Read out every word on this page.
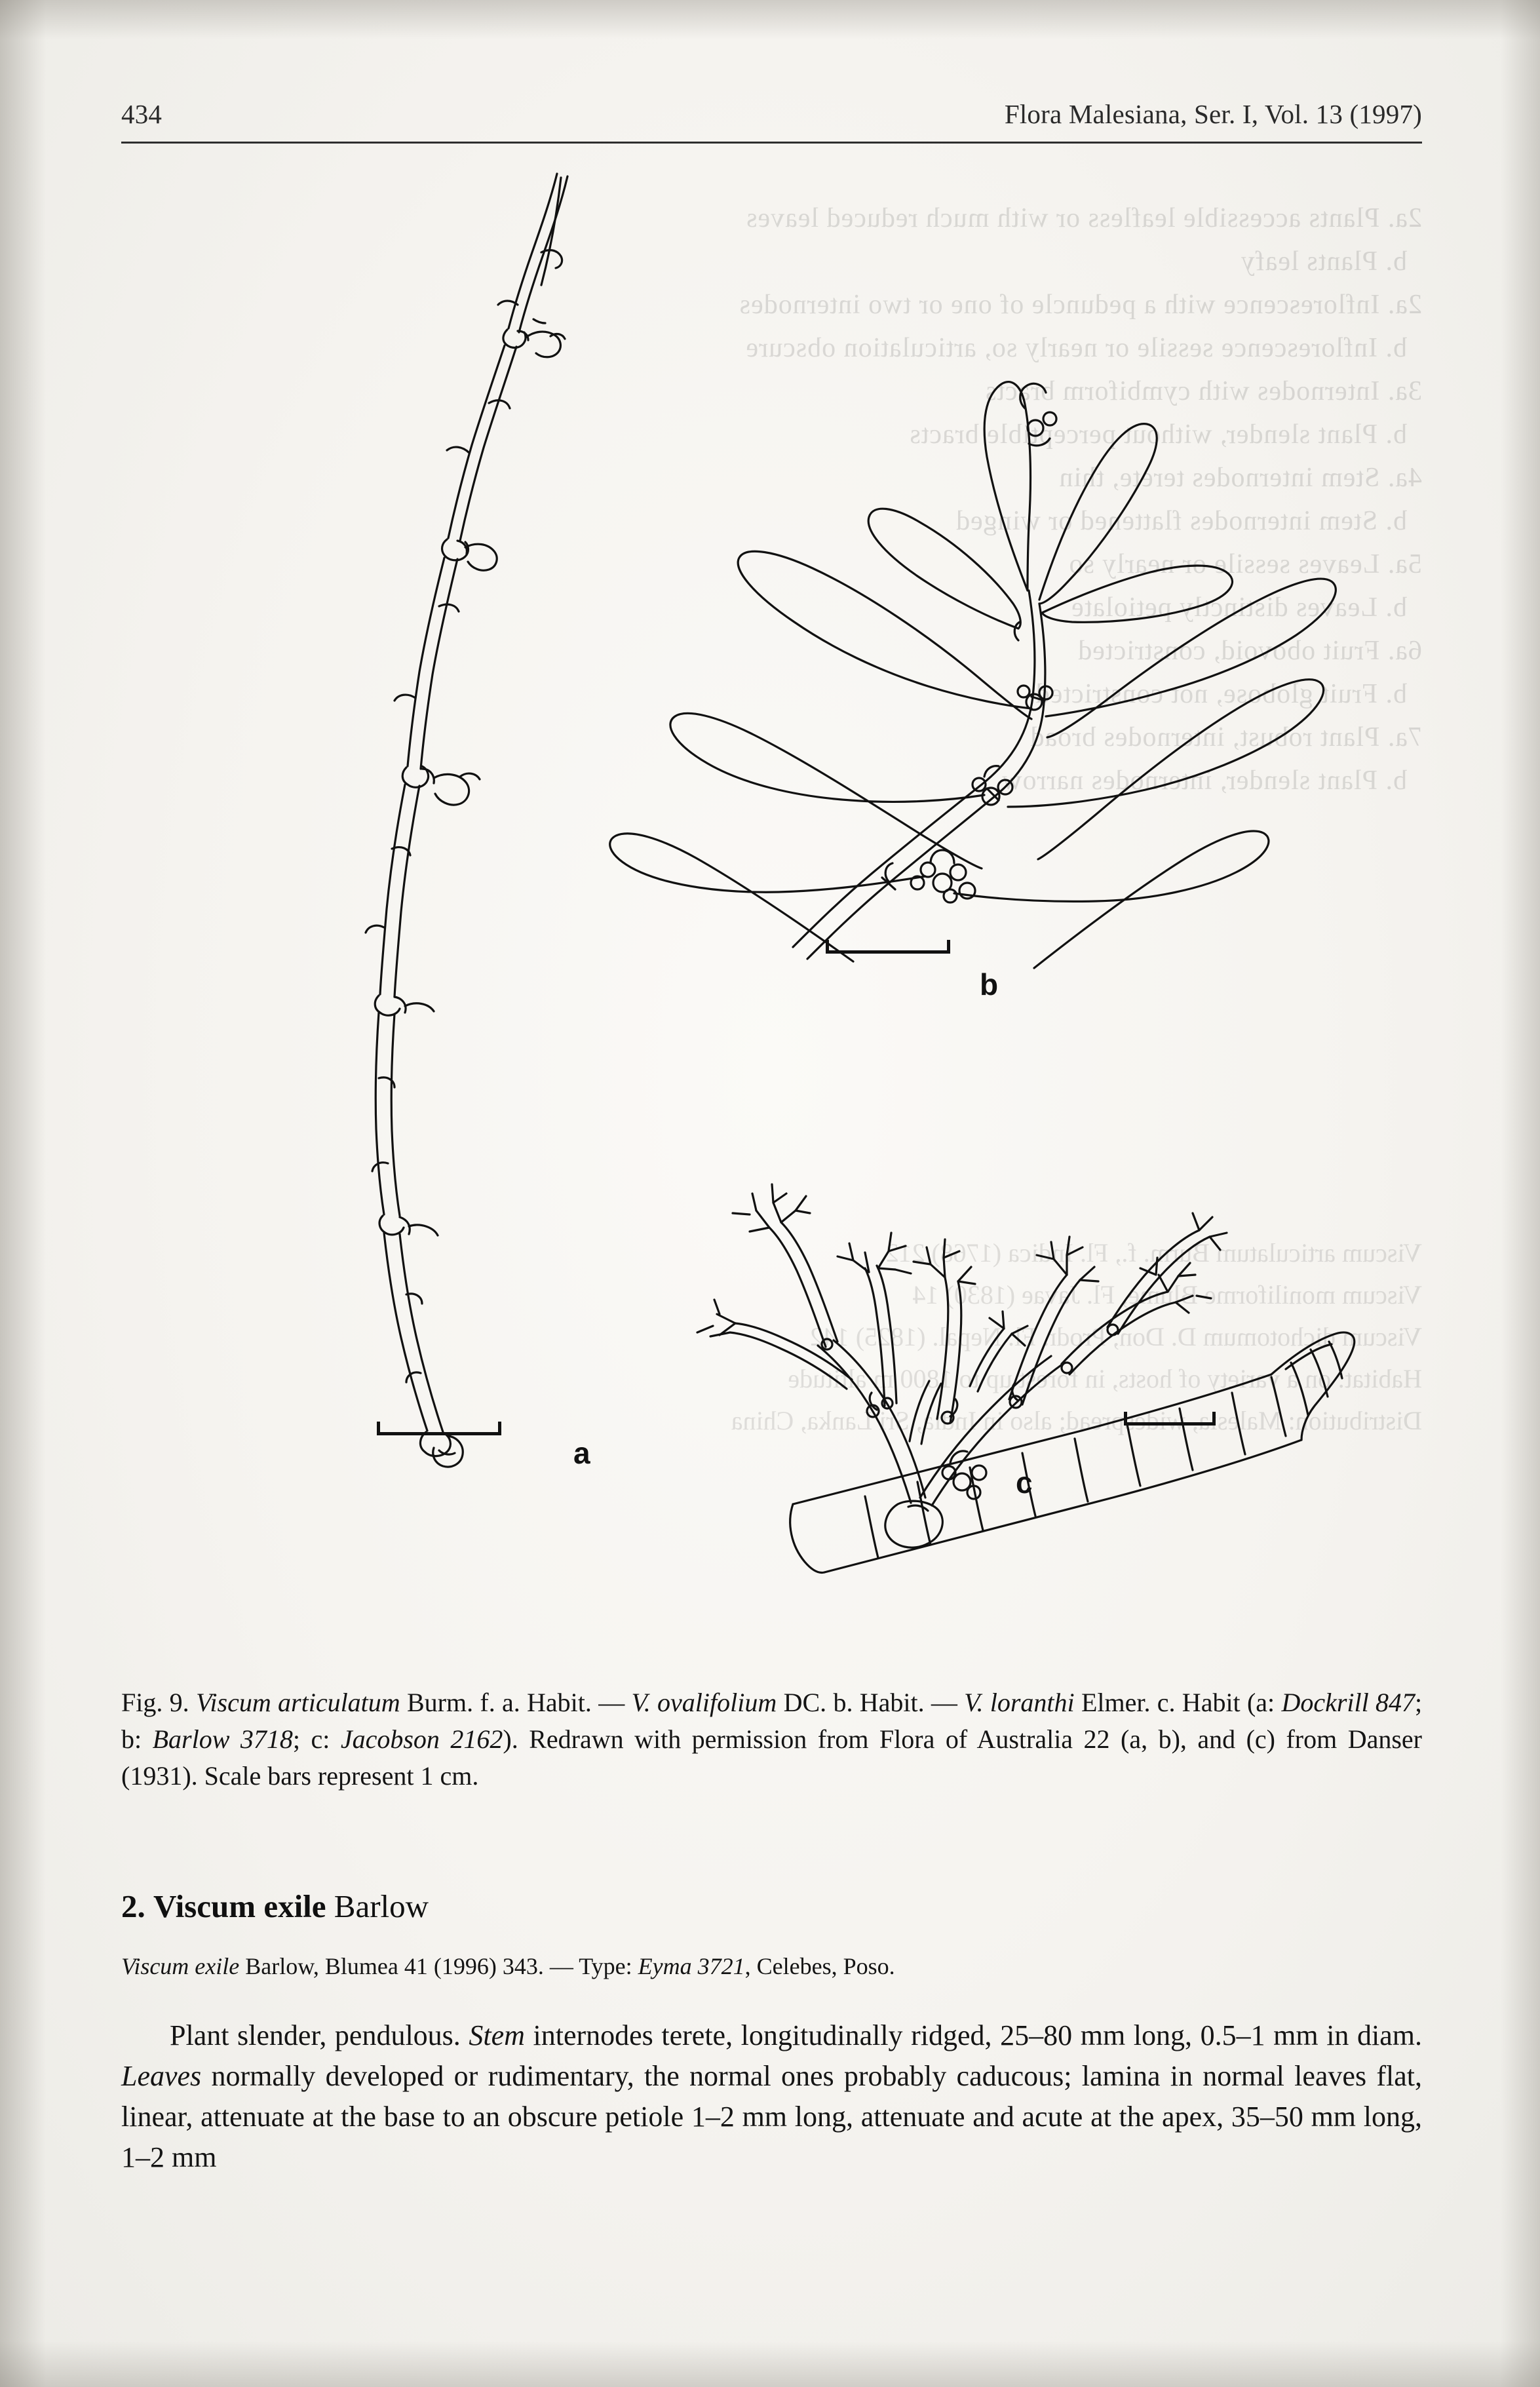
434	Flora Malesiana, Ser. I, Vol. 13 (1997)
a
b
c
Fig. 9. Viscum articulatum Burm. f. a. Habit. — V. ovalifolium DC. b. Habit. — V. loranthi Elmer. c. Habit (a: Dockrill 847; b: Barlow 3718; c: Jacobson 2162). Redrawn with permission from Flora of Australia 22 (a, b), and (c) from Danser (1931). Scale bars represent 1 cm.
2. Viscum exile Barlow
Viscum exile Barlow, Blumea 41 (1996) 343. — Type: Eyma 3721, Celebes, Poso.

Plant slender, pendulous. Stem internodes terete, longitudinally ridged, 25–80 mm long, 0.5–1 mm in diam. Leaves normally developed or rudimentary, the normal ones probably caducous; lamina in normal leaves flat, linear, attenuate at the base to an obscure petiole 1–2 mm long, attenuate and acute at the apex, 35–50 mm long, 1–2 mm
